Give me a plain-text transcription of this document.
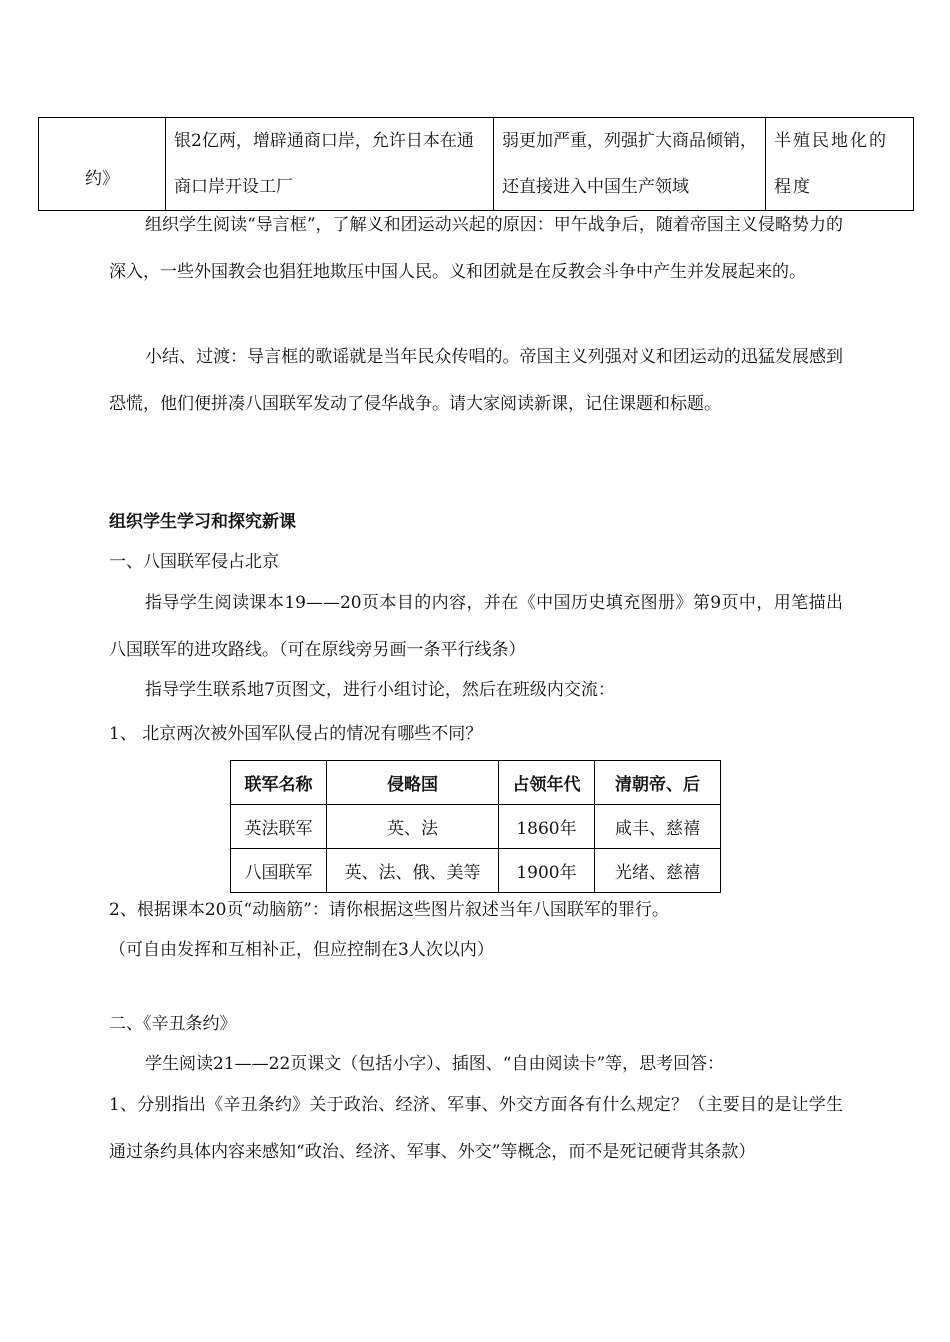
约》	银2亿两，增辟通商口岸，允许日本在通商口岸开设工厂	弱更加严重，列强扩大商品倾销，还直接进入中国生产领域	半殖民地化的程度

组织学生阅读“导言框”，了解义和团运动兴起的原因：甲午战争后，随着帝国主义侵略势力的深入，一些外国教会也猖狂地欺压中国人民。义和团就是在反教会斗争中产生并发展起来的。

小结、过渡：导言框的歌谣就是当年民众传唱的。帝国主义列强对义和团运动的迅猛发展感到恐慌，他们便拼凑八国联军发动了侵华战争。请大家阅读新课，记住课题和标题。

组织学生学习和探究新课

一、八国联军侵占北京

指导学生阅读课本19——20页本目的内容，并在《中国历史填充图册》第9页中，用笔描出八国联军的进攻路线。（可在原线旁另画一条平行线条）

指导学生联系地7页图文，进行小组讨论，然后在班级内交流：

1、 北京两次被外国军队侵占的情况有哪些不同？

联军名称	侵略国	占领年代	清朝帝、后
英法联军	英、法	1860年	咸丰、慈禧
八国联军	英、法、俄、美等	1900年	光绪、慈禧

2、根据课本20页“动脑筋”：请你根据这些图片叙述当年八国联军的罪行。

（可自由发挥和互相补正，但应控制在3人次以内）

二、《辛丑条约》

学生阅读21——22页课文（包括小字）、插图、“自由阅读卡”等，思考回答：

1、分别指出《辛丑条约》关于政治、经济、军事、外交方面各有什么规定？（主要目的是让学生通过条约具体内容来感知“政治、经济、军事、外交”等概念，而不是死记硬背其条款）
